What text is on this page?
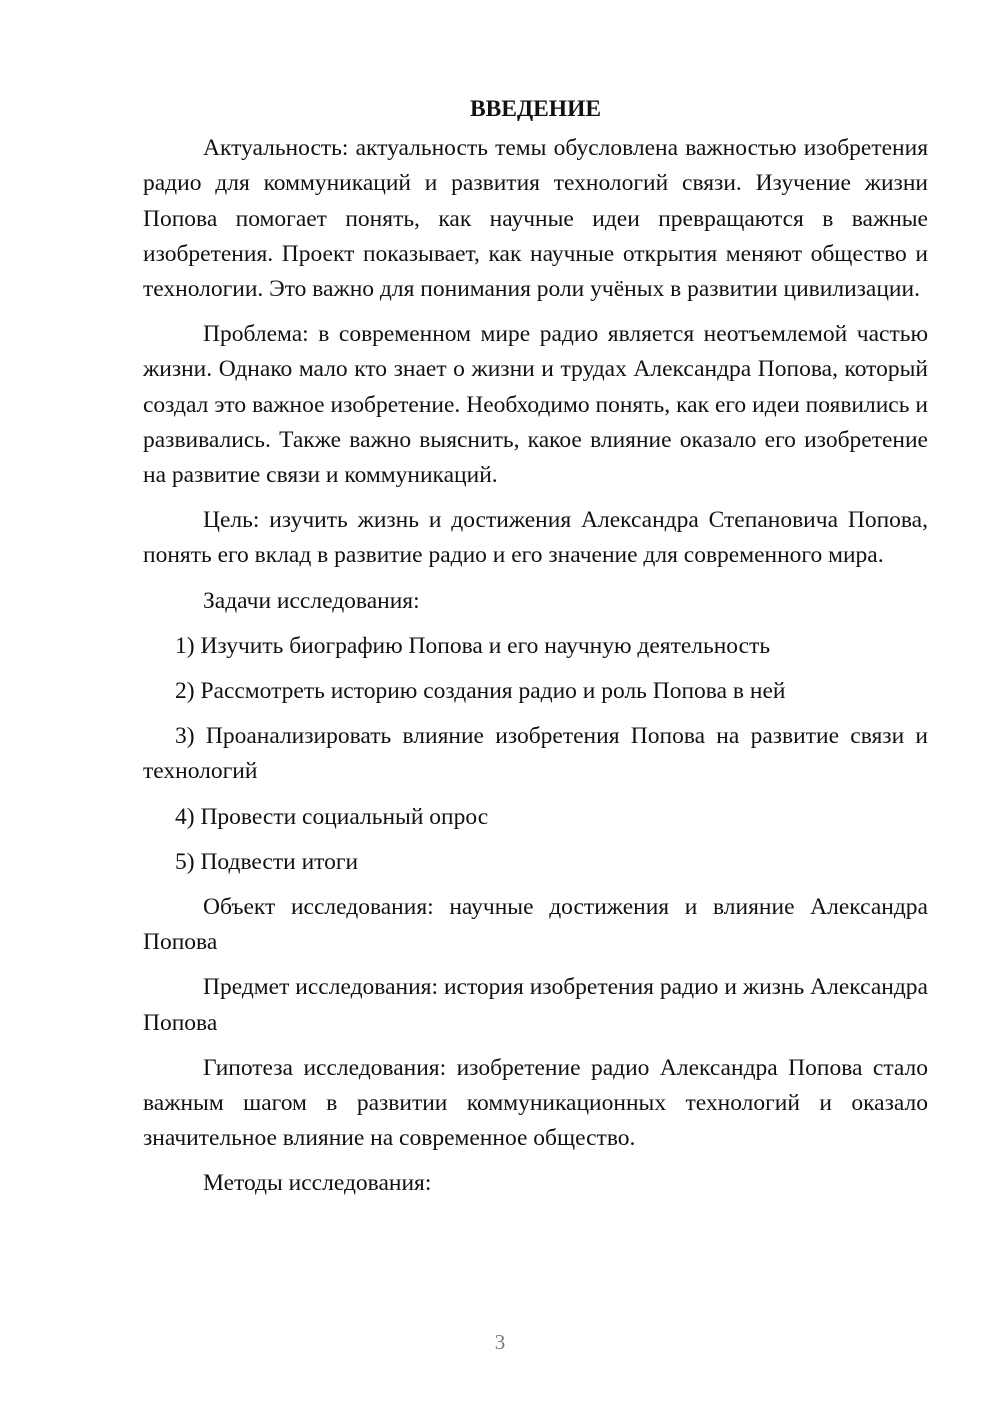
ВВЕДЕНИЕ

Актуальность: актуальность темы обусловлена важностью изобретения радио для коммуникаций и развития технологий связи. Изучение жизни Попова помогает понять, как научные идеи превращаются в важные изобретения. Проект показывает, как научные открытия меняют общество и технологии. Это важно для понимания роли учёных в развитии цивилизации.

Проблема: в современном мире радио является неотъемлемой частью жизни. Однако мало кто знает о жизни и трудах Александра Попова, который создал это важное изобретение. Необходимо понять, как его идеи появились и развивались. Также важно выяснить, какое влияние оказало его изобретение на развитие связи и коммуникаций.

Цель: изучить жизнь и достижения Александра Степановича Попова, понять его вклад в развитие радио и его значение для современного мира.

Задачи исследования:

1) Изучить биографию Попова и его научную деятельность

2) Рассмотреть историю создания радио и роль Попова в ней

3) Проанализировать влияние изобретения Попова на развитие связи и технологий

4) Провести социальный опрос

5) Подвести итоги

Объект исследования: научные достижения и влияние Александра Попова

Предмет исследования: история изобретения радио и жизнь Александра Попова

Гипотеза исследования: изобретение радио Александра Попова стало важным шагом в развитии коммуникационных технологий и оказало значительное влияние на современное общество.

Методы исследования:

3
